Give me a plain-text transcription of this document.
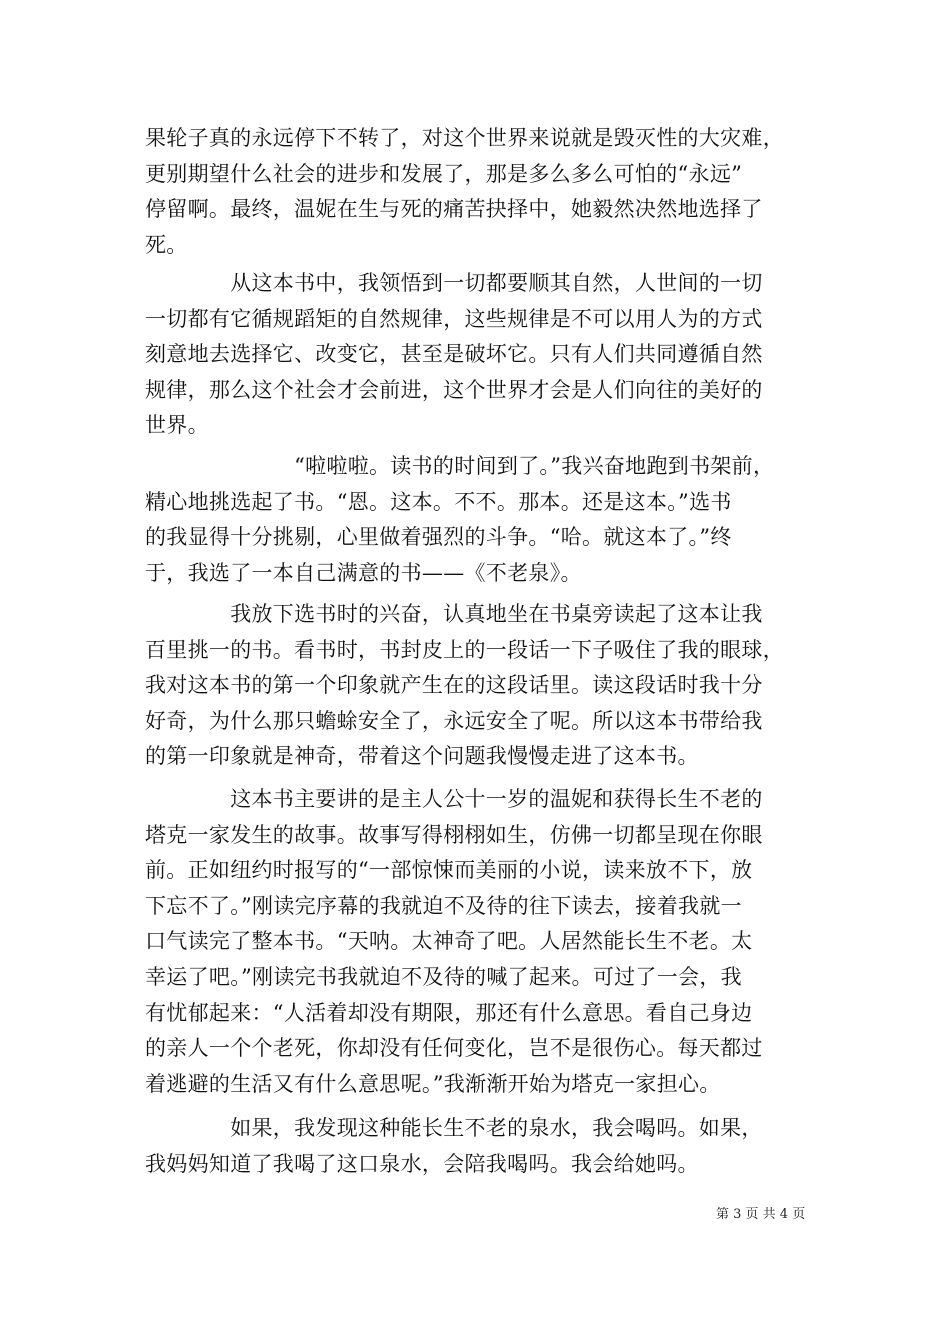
果轮子真的永远停下不转了，对这个世界来说就是毁灭性的大灾难，
更别期望什么社会的进步和发展了，那是多么多么可怕的“永远”
停留啊。最终，温妮在生与死的痛苦抉择中，她毅然决然地选择了
死。
　　　　从这本书中，我领悟到一切都要顺其自然，人世间的一切
一切都有它循规蹈矩的自然规律，这些规律是不可以用人为的方式
刻意地去选择它、改变它，甚至是破坏它。只有人们共同遵循自然
规律，那么这个社会才会前进，这个世界才会是人们向往的美好的
世界。
　　　　　　　“啦啦啦。读书的时间到了。”我兴奋地跑到书架前，
精心地挑选起了书。“恩。这本。不不。那本。还是这本。”选书
的我显得十分挑剔，心里做着强烈的斗争。“哈。就这本了。”终
于，我选了一本自己满意的书——《不老泉》。
　　　　我放下选书时的兴奋，认真地坐在书桌旁读起了这本让我
百里挑一的书。看书时，书封皮上的一段话一下子吸住了我的眼球，
我对这本书的第一个印象就产生在的这段话里。读这段话时我十分
好奇，为什么那只蟾蜍安全了，永远安全了呢。所以这本书带给我
的第一印象就是神奇，带着这个问题我慢慢走进了这本书。
　　　　这本书主要讲的是主人公十一岁的温妮和获得长生不老的
塔克一家发生的故事。故事写得栩栩如生，仿佛一切都呈现在你眼
前。正如纽约时报写的“一部惊悚而美丽的小说，读来放不下，放
下忘不了。”刚读完序幕的我就迫不及待的往下读去，接着我就一
口气读完了整本书。“天呐。太神奇了吧。人居然能长生不老。太
幸运了吧。”刚读完书我就迫不及待的喊了起来。可过了一会，我
有忧郁起来：“人活着却没有期限，那还有什么意思。看自己身边
的亲人一个个老死，你却没有任何变化，岂不是很伤心。每天都过
着逃避的生活又有什么意思呢。”我渐渐开始为塔克一家担心。
　　　　如果，我发现这种能长生不老的泉水，我会喝吗。如果，
我妈妈知道了我喝了这口泉水，会陪我喝吗。我会给她吗。
第 3 页 共 4 页
